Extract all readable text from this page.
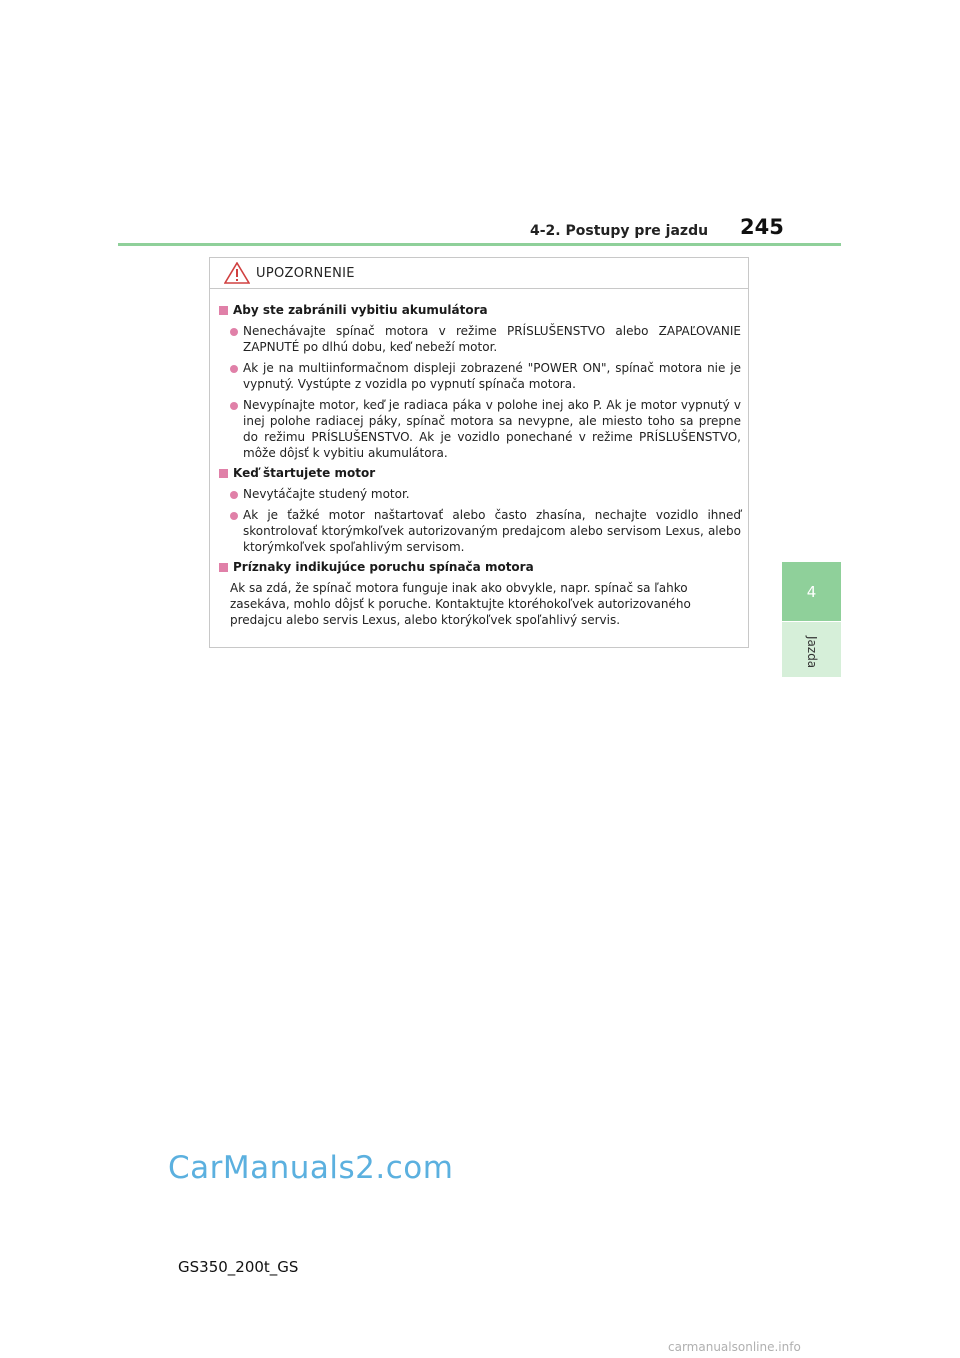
4-2. Postupy pre jazdu 245
4
Jazda
UPOZORNENIE
Aby ste zabránili vybitiu akumulátora
Nenechávajte spínač motora v režime PRÍSLUŠENSTVO alebo ZAPAĽOVANIE ZAPNUTÉ po dlhú dobu, keď nebeží motor.
Ak je na multiinformačnom displeji zobrazené "POWER ON", spínač motora nie je vypnutý. Vystúpte z vozidla po vypnutí spínača motora.
Nevypínajte motor, keď je radiaca páka v polohe inej ako P. Ak je motor vypnutý v inej polohe radiacej páky, spínač motora sa nevypne, ale miesto toho sa prepne do režimu PRÍSLUŠENSTVO. Ak je vozidlo ponechané v režime PRÍSLUŠENSTVO, môže dôjsť k vybitiu akumulátora.
Keď štartujete motor
Nevytáčajte studený motor.
Ak je ťažké motor naštartovať alebo často zhasína, nechajte vozidlo ihneď skontrolovať ktorýmkoľvek autorizovaným predajcom alebo servisom Lexus, alebo ktorýmkoľvek spoľahlivým servisom.
Príznaky indikujúce poruchu spínača motora
Ak sa zdá, že spínač motora funguje inak ako obvykle, napr. spínač sa ľahko zasekáva, mohlo dôjsť k poruche. Kontaktujte ktoréhokoľvek autorizovaného predajcu alebo servis Lexus, alebo ktorýkoľvek spoľahlivý servis.
CarManuals2.com
GS350_200t_GS
carmanualsonline.info
